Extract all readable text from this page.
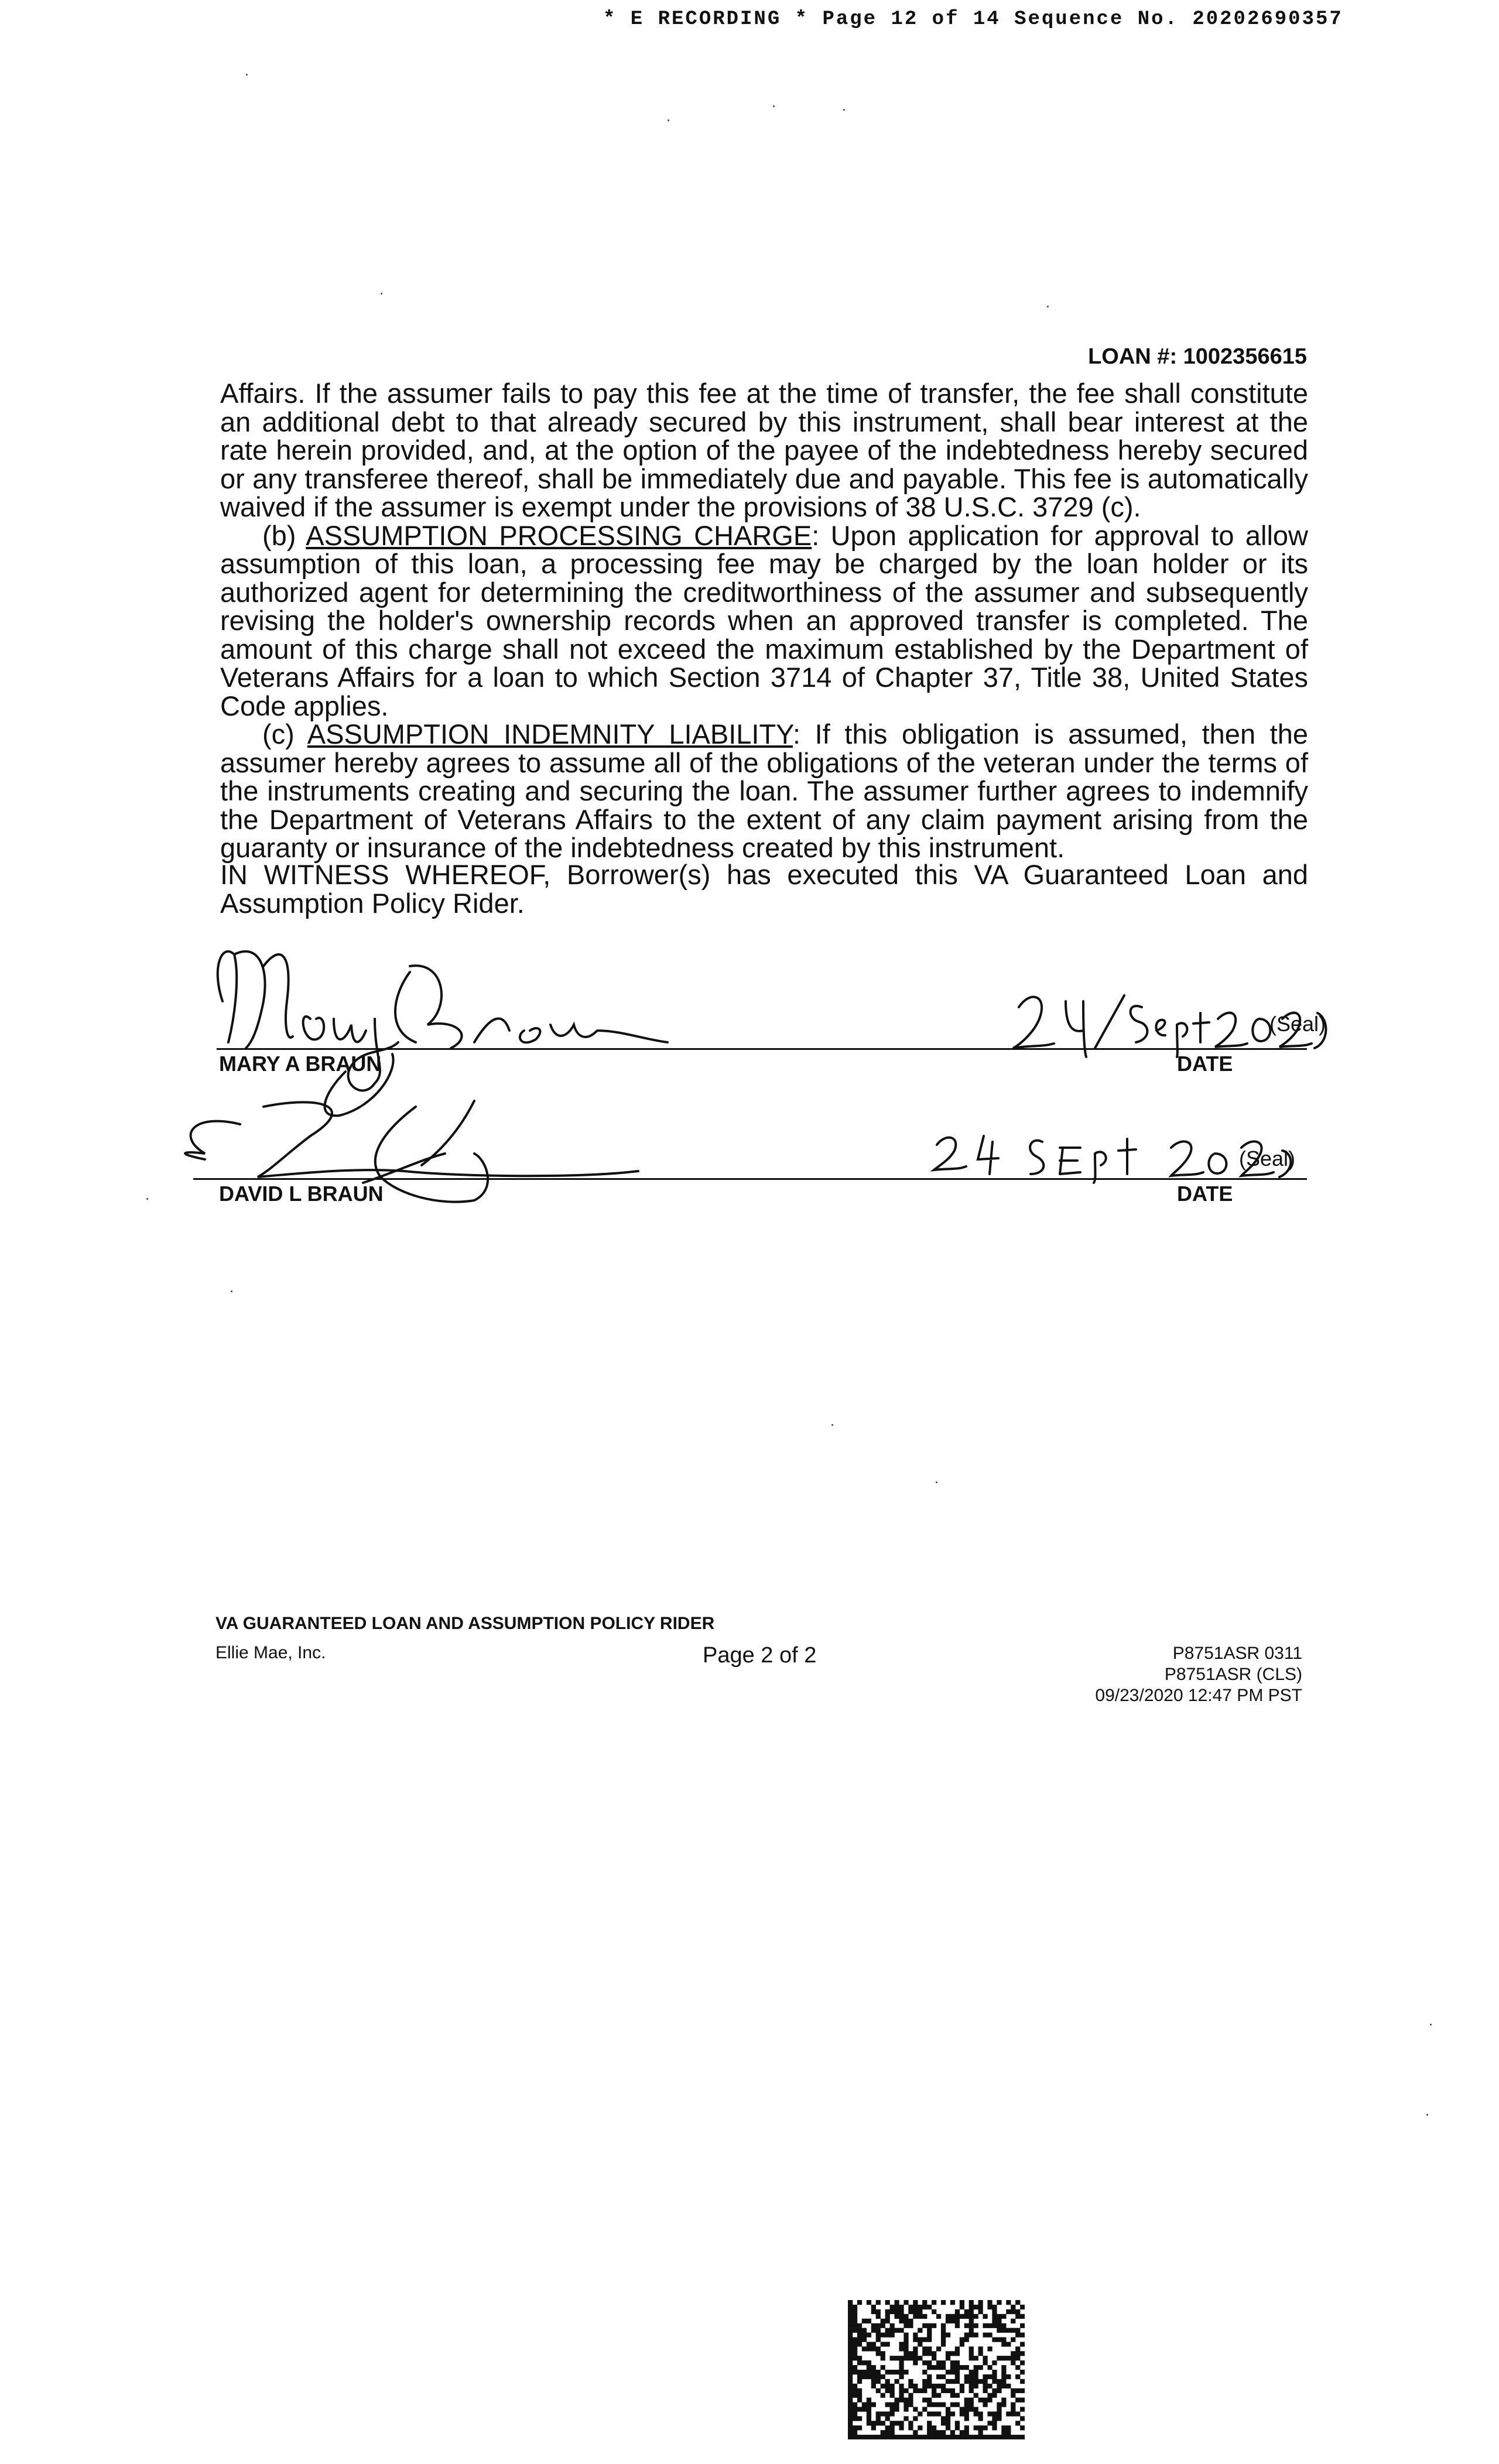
* E RECORDING * Page 12 of 14 Sequence No. 20202690357
LOAN #: 1002356615

Affairs. If the assumer fails to pay this fee at the time of transfer, the fee shall constitute an additional debt to that already secured by this instrument, shall bear interest at the rate herein provided, and, at the option of the payee of the indebtedness hereby secured or any transferee thereof, shall be immediately due and payable. This fee is automatically waived if the assumer is exempt under the provisions of 38 U.S.C. 3729 (c).

(b) ASSUMPTION PROCESSING CHARGE: Upon application for approval to allow assumption of this loan, a processing fee may be charged by the loan holder or its authorized agent for determining the creditworthiness of the assumer and subsequently revising the holder's ownership records when an approved transfer is completed. The amount of this charge shall not exceed the maximum established by the Department of Veterans Affairs for a loan to which Section 3714 of Chapter 37, Title 38, United States Code applies.

(c) ASSUMPTION INDEMNITY LIABILITY: If this obligation is assumed, then the assumer hereby agrees to assume all of the obligations of the veteran under the terms of the instruments creating and securing the loan. The assumer further agrees to indemnify the Department of Veterans Affairs to the extent of any claim payment arising from the guaranty or insurance of the indebtedness created by this instrument.

IN WITNESS WHEREOF, Borrower(s) has executed this VA Guaranteed Loan and Assumption Policy Rider.
MARY A BRAUN
(Seal)
DATE
DAVID L BRAUN
(Seal)
DATE
VA GUARANTEED LOAN AND ASSUMPTION POLICY RIDER
Ellie Mae, Inc.	Page 2 of 2	P8751ASR 0311
P8751ASR (CLS)
09/23/2020 12:47 PM PST
